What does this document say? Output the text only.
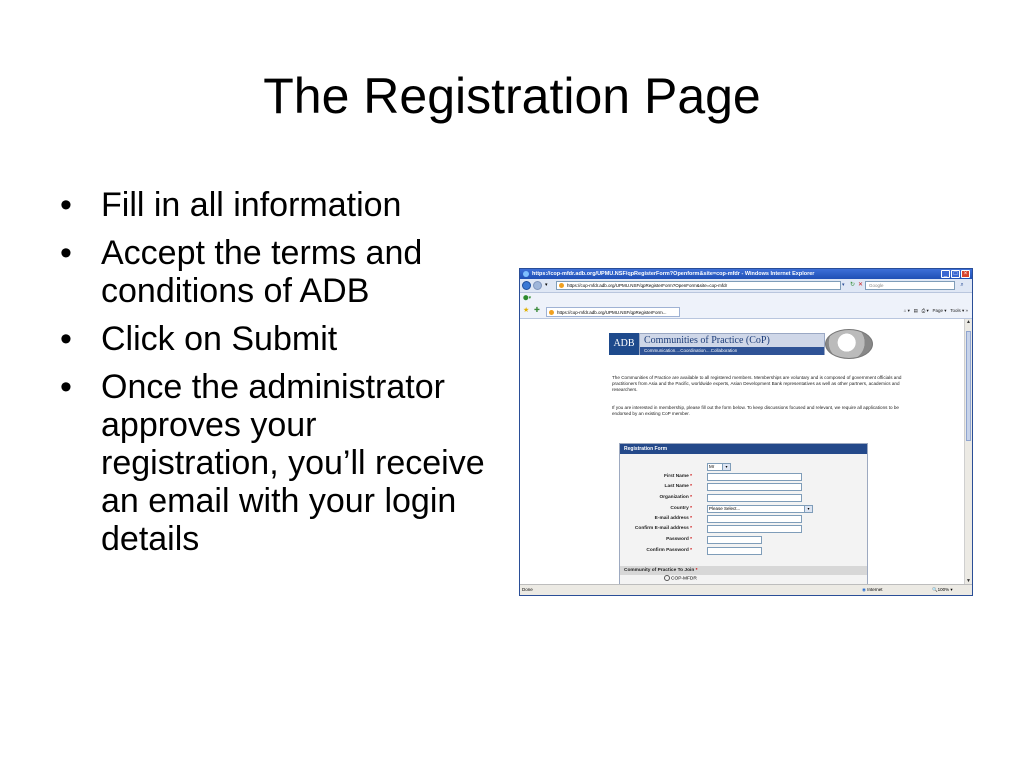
The Registration Page
• Fill in all information
• Accept the terms and conditions of ADB
• Click on Submit
• Once the administrator approves your registration, you’ll receive an email with your login details
https://cop-mfdr.adb.org/UPMU.NSF/qpRegisterForm?Openform&site=cop-mfdr - Windows Internet Explorer	_	□	×
▾	https://cop-mfdr.adb.org/UPMU.NSF/qpRegisterForm?OpenForm&site=cop-mfdr	▾ ↻ ✕	Google	⌕
⬤▾
★ ✚	https://cop-mfdr.adb.org/UPMU.NSF/qpRegisterForm...	⌂ ▾   ▤ ⎙ ▾   Page ▾ Tools ▾ »
ADB Communities of Practice (CoP)
Communication....Coordination....Collaboration
The Communities of Practice are available to all registered members. Memberships are voluntary and is composed of government officials and practitioners from Asia and the Pacific, worldwide experts, Asian Development Bank representatives as well as other partners, academics and researchers.
If you are interested in membership, please fill out the form below. To keep discussions focused and relevant, we require all applications to be endorsed by an existing CoP member.
Registration Form
Mr	▾
First Name *
Last Name *
Organization *
Country *	Please Select...	▾
E-mail address *
Confirm E-mail address *
Password *
Confirm Password *
Community of Practice To Join *
COP-MFDR
▲
▼
Done	◉ Internet	🔍100% ▾
